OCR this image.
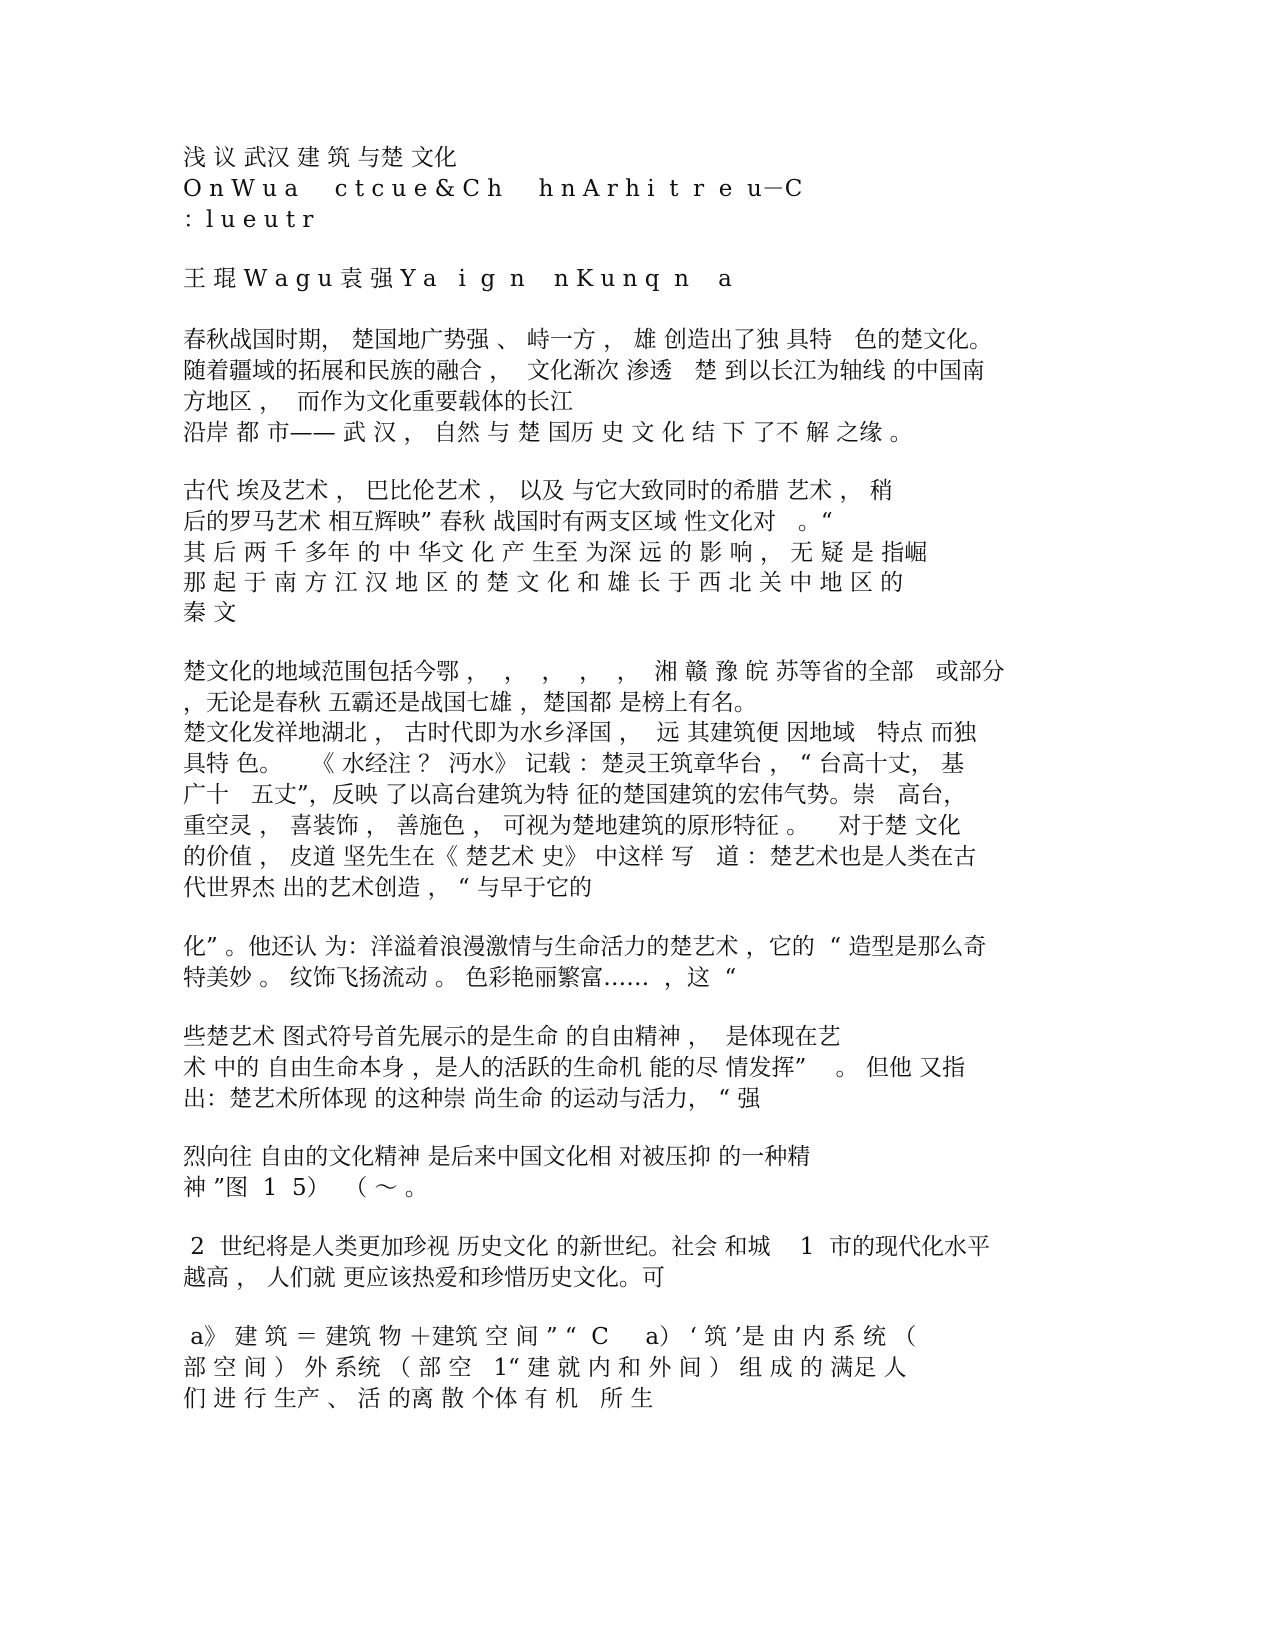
浅 议 武汉 建 筑 与楚 文化

O n W u a     c t c u e & C h     h n A r h i  t  r  e  u－C

：l u e u t r

王 琨 W a g u 袁 强 Y a   i  g  n    n K u n q  n    a

春秋战国时期， 楚国地广势强 、 峙一方 ， 雄 创造出了独 具特   色的楚文化。

随着疆域的拓展和民族的融合 ，  文化渐次 渗透   楚 到以长江为轴线 的中国南

方地区 ，  而作为文化重要载体的长江

沿岸 都 市—— 武 汉 ， 自然 与 楚 国历 史 文 化 结 下 了不 解 之缘 。

古代 埃及艺术 ， 巴比伦艺术 ， 以及 与它大致同时的希腊 艺术 ， 稍

后的罗马艺术 相互辉映” 春秋 战国时有两支区域 性文化对   。“

其 后 两 千 多年 的 中 华文 化 产 生至 为深 远 的 影 响 ， 无 疑 是 指崛

那 起 于 南 方 江 汉 地 区 的 楚 文 化 和 雄 长 于 西 北 关 中 地 区 的

秦 文

楚文化的地域范围包括今鄂 ，  ，  ，  ，  ，  湘 赣 豫 皖 苏等省的全部   或部分

，无论是春秋 五霸还是战国七雄 ，楚国都 是榜上有名。

楚文化发祥地湖北 ， 古时代即为水乡泽国 ，  远 其建筑便 因地域   特点 而独

具特 色。    《 水经注 ？ 沔水》 记载 ：楚灵王筑章华台 ， “ 台高十丈， 基

广十   五丈”，反映 了以高台建筑为特 征的楚国建筑的宏伟气势。崇   高台，

重空灵 ， 喜装饰 ， 善施色 ， 可视为楚地建筑的原形特征 。    对于楚 文化

的价值 ， 皮道 坚先生在《 楚艺术 史》 中这样 写   道 ：楚艺术也是人类在古

代世界杰 出的艺术创造 ， “ 与早于它的

化” 。他还认 为：洋溢着浪漫激情与生命活力的楚艺术 ，它的  “ 造型是那么奇

特美妙 。 纹饰飞扬流动 。 色彩艳丽繁富……  ，这  “

些楚艺术 图式符号首先展示的是生命 的自由精神 ，  是体现在艺

术 中的 自由生命本身 ，是人的活跃的生命机 能的尽 情发挥”    。 但他 又指

出：楚艺术所体现 的这种崇 尚生命 的运动与活力， “ 强

烈向往 自由的文化精神 是后来中国文化相 对被压抑 的一种精

神 ”图  1  5）  （ ～ 。

2  世纪将是人类更加珍视 历史文化 的新世纪。社会 和城    1  市的现代化水平

越高 ， 人们就 更应该热爱和珍惜历史文化。可

a》 建 筑 ＝ 建筑 物 ＋建筑 空 间 ” “  C     a） ‘ 筑 ’是 由 内 系 统 （

部 空 间 ） 外 系统 （ 部 空   1“ 建 就 内 和 外 间 ） 组 成 的 满足 人

们 进 行 生产 、 活 的离 散 个体 有 机   所 生
